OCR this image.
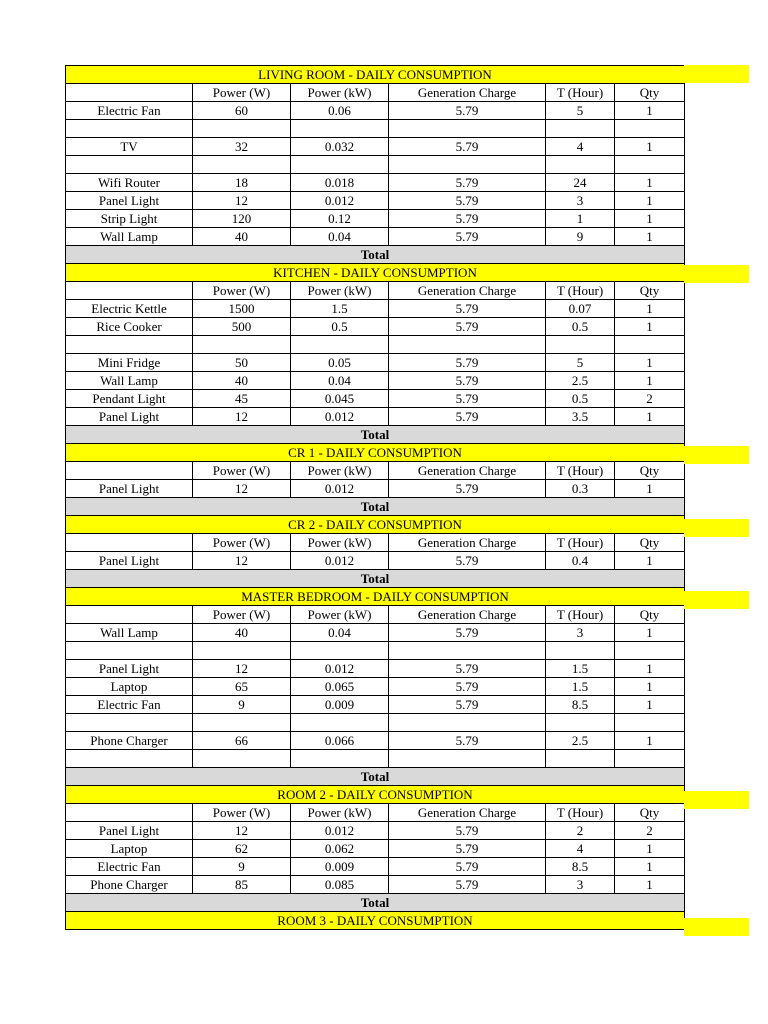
LIVING ROOM - DAILY CONSUMPTION					
	Power (W)	Power (kW)	Generation Charge	T (Hour)	Qty
Electric Fan	60	0.06	5.79	5	1

TV	32	0.032	5.79	4	1

Wifi Router	18	0.018	5.79	24	1
Panel Light	12	0.012	5.79	3	1
Strip Light	120	0.12	5.79	1	1
Wall Lamp	40	0.04	5.79	9	1
Total					
KITCHEN - DAILY CONSUMPTION					
	Power (W)	Power (kW)	Generation Charge	T (Hour)	Qty
Electric Kettle	1500	1.5	5.79	0.07	1
Rice Cooker	500	0.5	5.79	0.5	1

Mini Fridge	50	0.05	5.79	5	1
Wall Lamp	40	0.04	5.79	2.5	1
Pendant Light	45	0.045	5.79	0.5	2
Panel Light	12	0.012	5.79	3.5	1
Total					
CR 1 - DAILY CONSUMPTION					
	Power (W)	Power (kW)	Generation Charge	T (Hour)	Qty
Panel Light	12	0.012	5.79	0.3	1
Total					
CR 2 - DAILY CONSUMPTION					
	Power (W)	Power (kW)	Generation Charge	T (Hour)	Qty
Panel Light	12	0.012	5.79	0.4	1
Total					
MASTER BEDROOM - DAILY CONSUMPTION					
	Power (W)	Power (kW)	Generation Charge	T (Hour)	Qty
Wall Lamp	40	0.04	5.79	3	1

Panel Light	12	0.012	5.79	1.5	1
Laptop	65	0.065	5.79	1.5	1
Electric Fan	9	0.009	5.79	8.5	1

Phone Charger	66	0.066	5.79	2.5	1

Total					
ROOM 2 - DAILY CONSUMPTION					
	Power (W)	Power (kW)	Generation Charge	T (Hour)	Qty
Panel Light	12	0.012	5.79	2	2
Laptop	62	0.062	5.79	4	1
Electric Fan	9	0.009	5.79	8.5	1
Phone Charger	85	0.085	5.79	3	1
Total					
ROOM 3 - DAILY CONSUMPTION					
